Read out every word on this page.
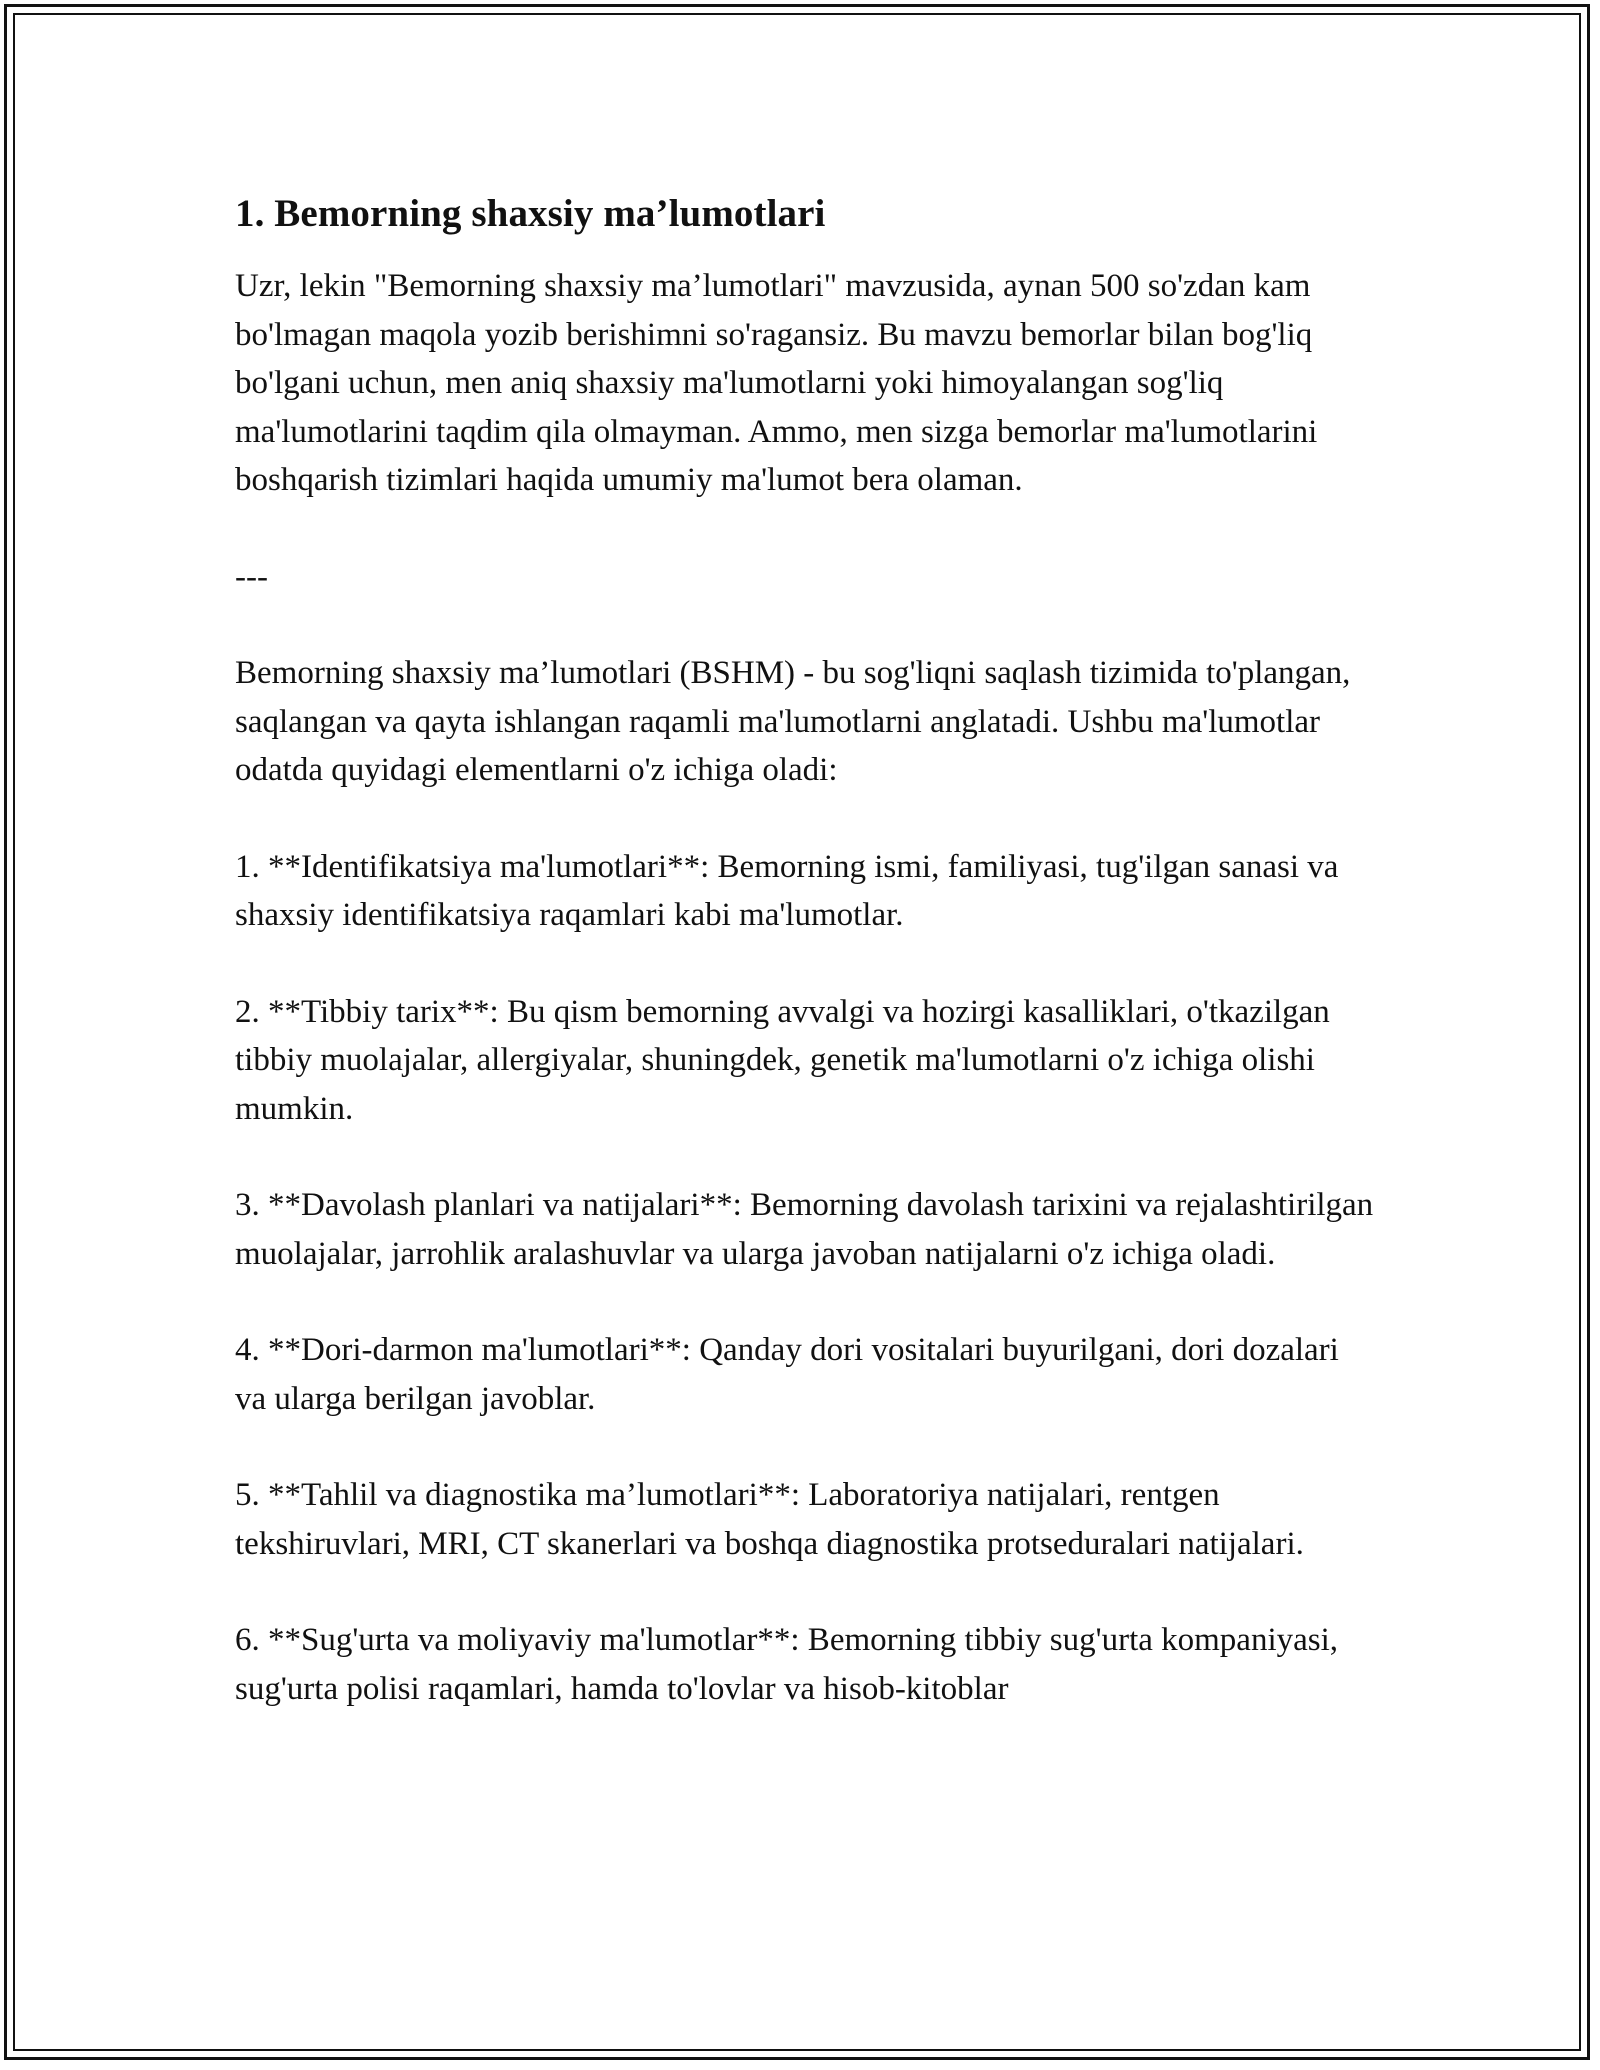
1. Bemorning shaxsiy ma’lumotlari

Uzr, lekin "Bemorning shaxsiy ma’lumotlari" mavzusida, aynan 500 so'zdan kam bo'lmagan maqola yozib berishimni so'ragansiz. Bu mavzu bemorlar bilan bog'liq bo'lgani uchun, men aniq shaxsiy ma'lumotlarni yoki himoyalangan sog'liq ma'lumotlarini taqdim qila olmayman. Ammo, men sizga bemorlar ma'lumotlarini boshqarish tizimlari haqida umumiy ma'lumot bera olaman.

---

Bemorning shaxsiy ma’lumotlari (BSHM) - bu sog'liqni saqlash tizimida to'plangan, saqlangan va qayta ishlangan raqamli ma'lumotlarni anglatadi. Ushbu ma'lumotlar odatda quyidagi elementlarni o'z ichiga oladi:

1. **Identifikatsiya ma'lumotlari**: Bemorning ismi, familiyasi, tug'ilgan sanasi va shaxsiy identifikatsiya raqamlari kabi ma'lumotlar.

2. **Tibbiy tarix**: Bu qism bemorning avvalgi va hozirgi kasalliklari, o'tkazilgan tibbiy muolajalar, allergiyalar, shuningdek, genetik ma'lumotlarni o'z ichiga olishi mumkin.

3. **Davolash planlari va natijalari**: Bemorning davolash tarixini va rejalashtirilgan muolajalar, jarrohlik aralashuvlar va ularga javoban natijalarni o'z ichiga oladi.

4. **Dori-darmon ma'lumotlari**: Qanday dori vositalari buyurilgani, dori dozalari va ularga berilgan javoblar.

5. **Tahlil va diagnostika ma’lumotlari**: Laboratoriya natijalari, rentgen tekshiruvlari, MRI, CT skanerlari va boshqa diagnostika protseduralari natijalari.

6. **Sug'urta va moliyaviy ma'lumotlar**: Bemorning tibbiy sug'urta kompaniyasi, sug'urta polisi raqamlari, hamda to'lovlar va hisob-kitoblar
